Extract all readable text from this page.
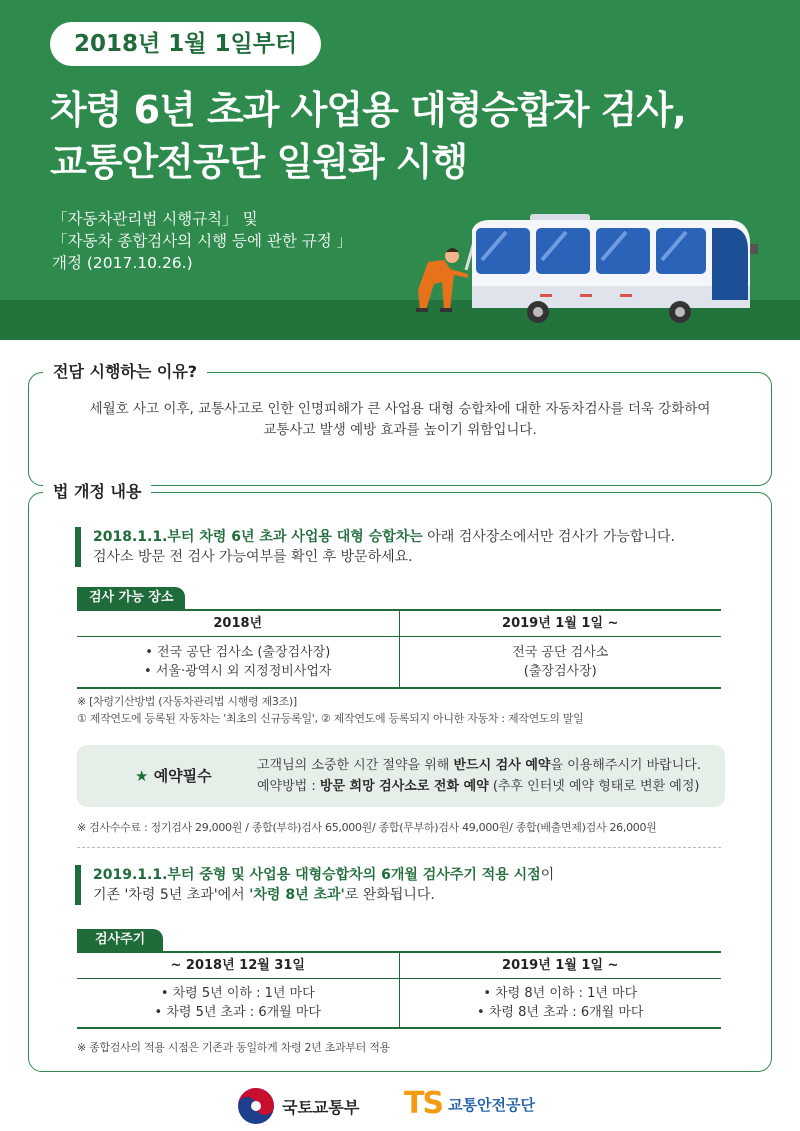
2018년 1월 1일부터
차령 6년 초과 사업용 대형승합차 검사,
교통안전공단 일원화 시행
「자동차관리법 시행규칙」 및
「자동차 종합검사의 시행 등에 관한 규정 」
개정 (2017.10.26.)
전담 시행하는 이유?
세월호 사고 이후, 교통사고로 인한 인명피해가 큰 사업용 대형 승합차에 대한 자동차검사를 더욱 강화하여
교통사고 발생 예방 효과를 높이기 위함입니다.
법 개정 내용
2018.1.1.부터 차령 6년 초과 사업용 대형 승합차는 아래 검사장소에서만 검사가 가능합니다.
검사소 방문 전 검사 가능여부를 확인 후 방문하세요.
검사 가능 장소
2018년	2019년 1월 1일 ~
• 전국 공단 검사소 (출장검사장)
• 서울·광역시 외 지정정비사업자
전국 공단 검사소
(출장검사장)
※ [차령기산방법 (자동차관리법 시행령 제3조)]
① 제작연도에 등록된 자동차는 '최초의 신규등록일', ② 제작연도에 등록되지 아니한 자동차 : 제작연도의 말일
★ 예약필수
고객님의 소중한 시간 절약을 위해 반드시 검사 예약을 이용해주시기 바랍니다.
예약방법 : 방문 희망 검사소로 전화 예약 (추후 인터넷 예약 형태로 변환 예정)
※ 검사수수료 : 정기검사 29,000원 / 종합(부하)검사 65,000원/ 종합(무부하)검사 49,000원/ 종합(배출면제)검사 26,000원
2019.1.1.부터 중형 및 사업용 대형승합차의 6개월 검사주기 적용 시점이
기존 '차령 5년 초과'에서 '차령 8년 초과'로 완화됩니다.
검사주기
~ 2018년 12월 31일	2019년 1월 1일 ~
• 차령 5년 이하 : 1년 마다
• 차령 5년 초과 : 6개월 마다
• 차령 8년 이하 : 1년 마다
• 차령 8년 초과 : 6개월 마다
※ 종합검사의 적용 시점은 기존과 동일하게 차령 2년 초과부터 적용
국토교통부 TS 교통안전공단
